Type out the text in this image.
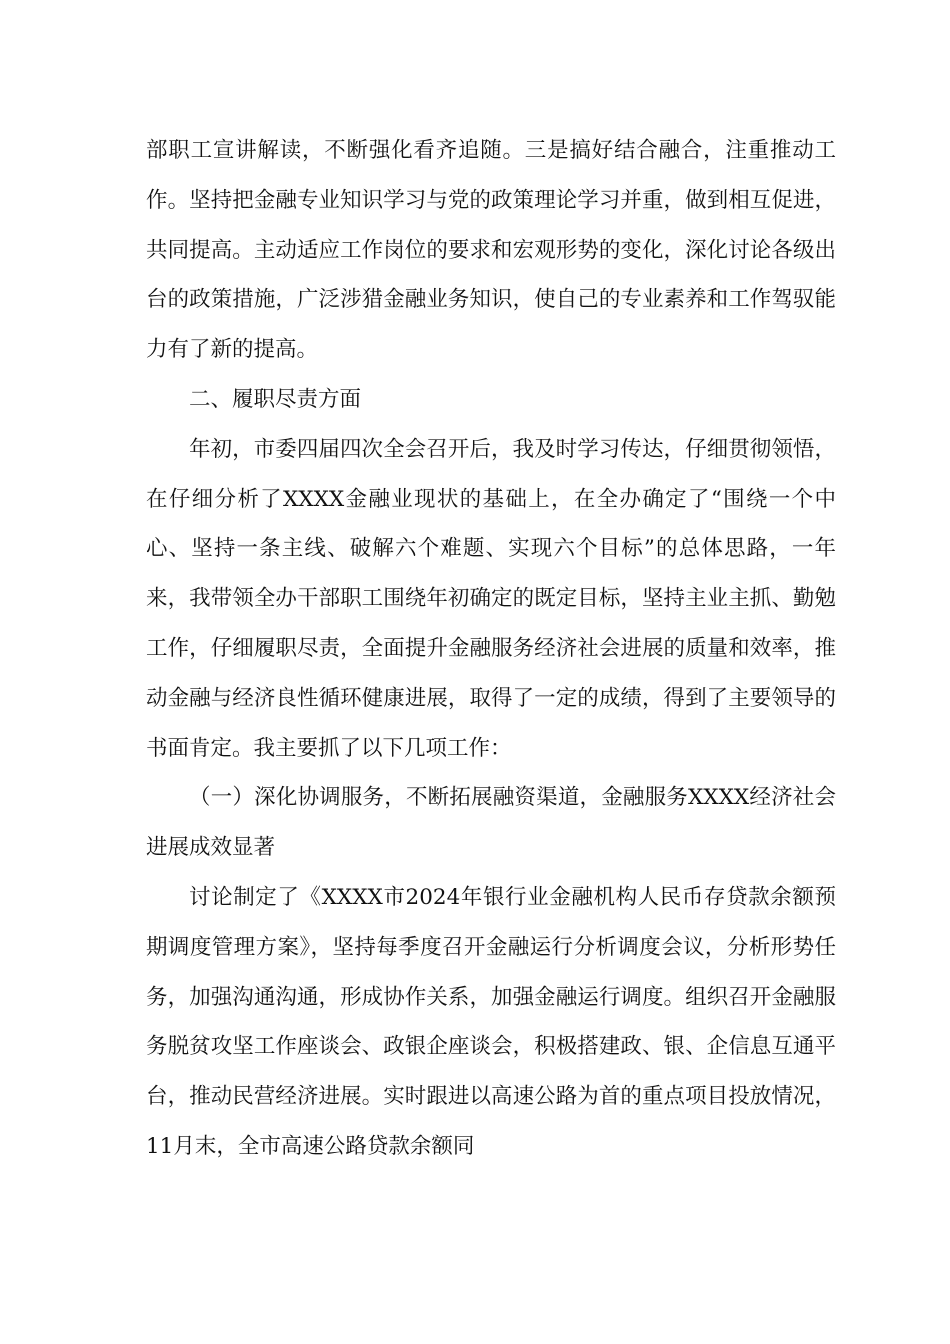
部职工宣讲解读，不断强化看齐追随。三是搞好结合融合，注重推动工作。坚持把金融专业知识学习与党的政策理论学习并重，做到相互促进，共同提高。主动适应工作岗位的要求和宏观形势的变化，深化讨论各级出台的政策措施，广泛涉猎金融业务知识，使自己的专业素养和工作驾驭能力有了新的提高。

二、履职尽责方面

年初，市委四届四次全会召开后，我及时学习传达，仔细贯彻领悟，在仔细分析了XXXX金融业现状的基础上，在全办确定了“围绕一个中心、坚持一条主线、破解六个难题、实现六个目标”的总体思路，一年来，我带领全办干部职工围绕年初确定的既定目标，坚持主业主抓、勤勉工作，仔细履职尽责，全面提升金融服务经济社会进展的质量和效率，推动金融与经济良性循环健康进展，取得了一定的成绩，得到了主要领导的书面肯定。我主要抓了以下几项工作：

（一）深化协调服务，不断拓展融资渠道，金融服务XXXX经济社会进展成效显著

讨论制定了《XXXX市2024年银行业金融机构人民币存贷款余额预期调度管理方案》，坚持每季度召开金融运行分析调度会议，分析形势任务，加强沟通沟通，形成协作关系，加强金融运行调度。组织召开金融服务脱贫攻坚工作座谈会、政银企座谈会，积极搭建政、银、企信息互通平台，推动民营经济进展。实时跟进以高速公路为首的重点项目投放情况， 11月末，全市高速公路贷款余额同
